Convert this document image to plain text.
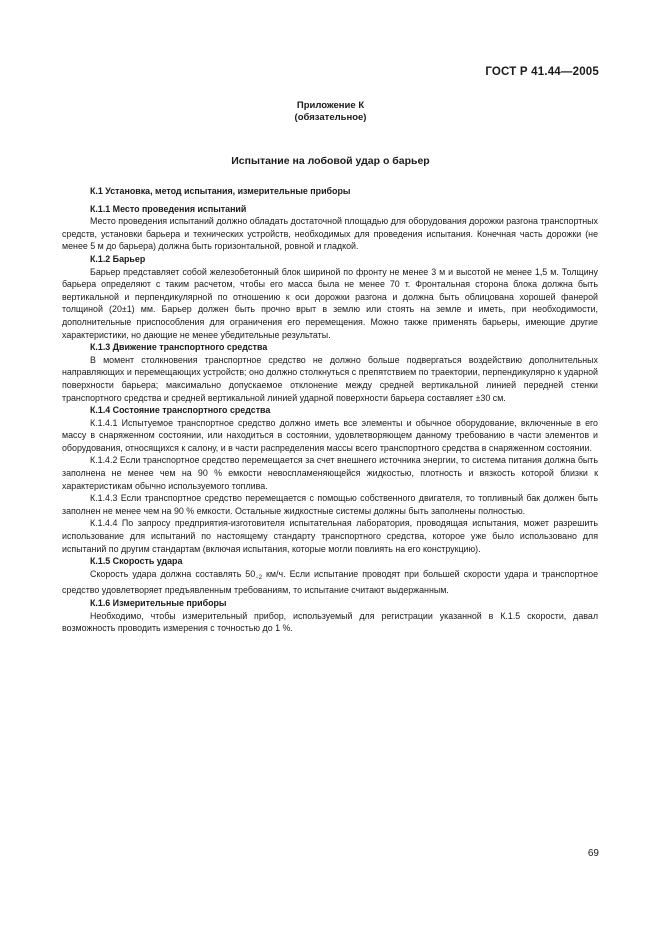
ГОСТ Р 41.44—2005
Приложение К
(обязательное)
Испытание на лобовой удар о барьер

К.1 Установка, метод испытания, измерительные приборы

К.1.1 Место проведения испытаний

Место проведения испытаний должно обладать достаточной площадью для оборудования дорожки разгона транспортных средств, установки барьера и технических устройств, необходимых для проведения испытания. Конечная часть дорожки (не менее 5 м до барьера) должна быть горизонтальной, ровной и гладкой.

К.1.2 Барьер

Барьер представляет собой железобетонный блок шириной по фронту не менее 3 м и высотой не менее 1,5 м. Толщину барьера определяют с таким расчетом, чтобы его масса была не менее 70 т. Фронтальная сторона блока должна быть вертикальной и перпендикулярной по отношению к оси дорожки разгона и должна быть облицована хорошей фанерой толщиной (20±1) мм. Барьер должен быть прочно врыт в землю или стоять на земле и иметь, при необходимости, дополнительные приспособления для ограничения его перемещения. Можно также применять барьеры, имеющие другие характеристики, но дающие не менее убедительные результаты.

К.1.3 Движение транспортного средства

В момент столкновения транспортное средство не должно больше подвергаться воздействию дополнительных направляющих и перемещающих устройств; оно должно столкнуться с препятствием по траектории, перпендикулярно к ударной поверхности барьера; максимально допускаемое отклонение между средней вертикальной линией передней стенки транспортного средства и средней вертикальной линией ударной поверхности барьера составляет ±30 см.

К.1.4 Состояние транспортного средства

К.1.4.1 Испытуемое транспортное средство должно иметь все элементы и обычное оборудование, включенные в его массу в снаряженном состоянии, или находиться в состоянии, удовлетворяющем данному требованию в части элементов и оборудования, относящихся к салону, и в части распределения массы всего транспортного средства в снаряженном состоянии.

К.1.4.2 Если транспортное средство перемещается за счет внешнего источника энергии, то система питания должна быть заполнена не менее чем на 90 % емкости невоспламеняющейся жидкостью, плотность и вязкость которой близки к характеристикам обычно используемого топлива.

К.1.4.3 Если транспортное средство перемещается с помощью собственного двигателя, то топливный бак должен быть заполнен не менее чем на 90 % емкости. Остальные жидкостные системы должны быть заполнены полностью.

К.1.4.4 По запросу предприятия-изготовителя испытательная лаборатория, проводящая испытания, может разрешить использование для испытаний по настоящему стандарту транспортного средства, которое уже было использовано для испытаний по другим стандартам (включая испытания, которые могли повлиять на его конструкцию).

К.1.5 Скорость удара

Скорость удара должна составлять $50_{-2}$ км/ч. Если испытание проводят при большей скорости удара и транспортное средство удовлетворяет предъявленным требованиям, то испытание считают выдержанным.

К.1.6 Измерительные приборы

Необходимо, чтобы измерительный прибор, используемый для регистрации указанной в К.1.5 скорости, давал возможность проводить измерения с точностью до 1 %.

69
